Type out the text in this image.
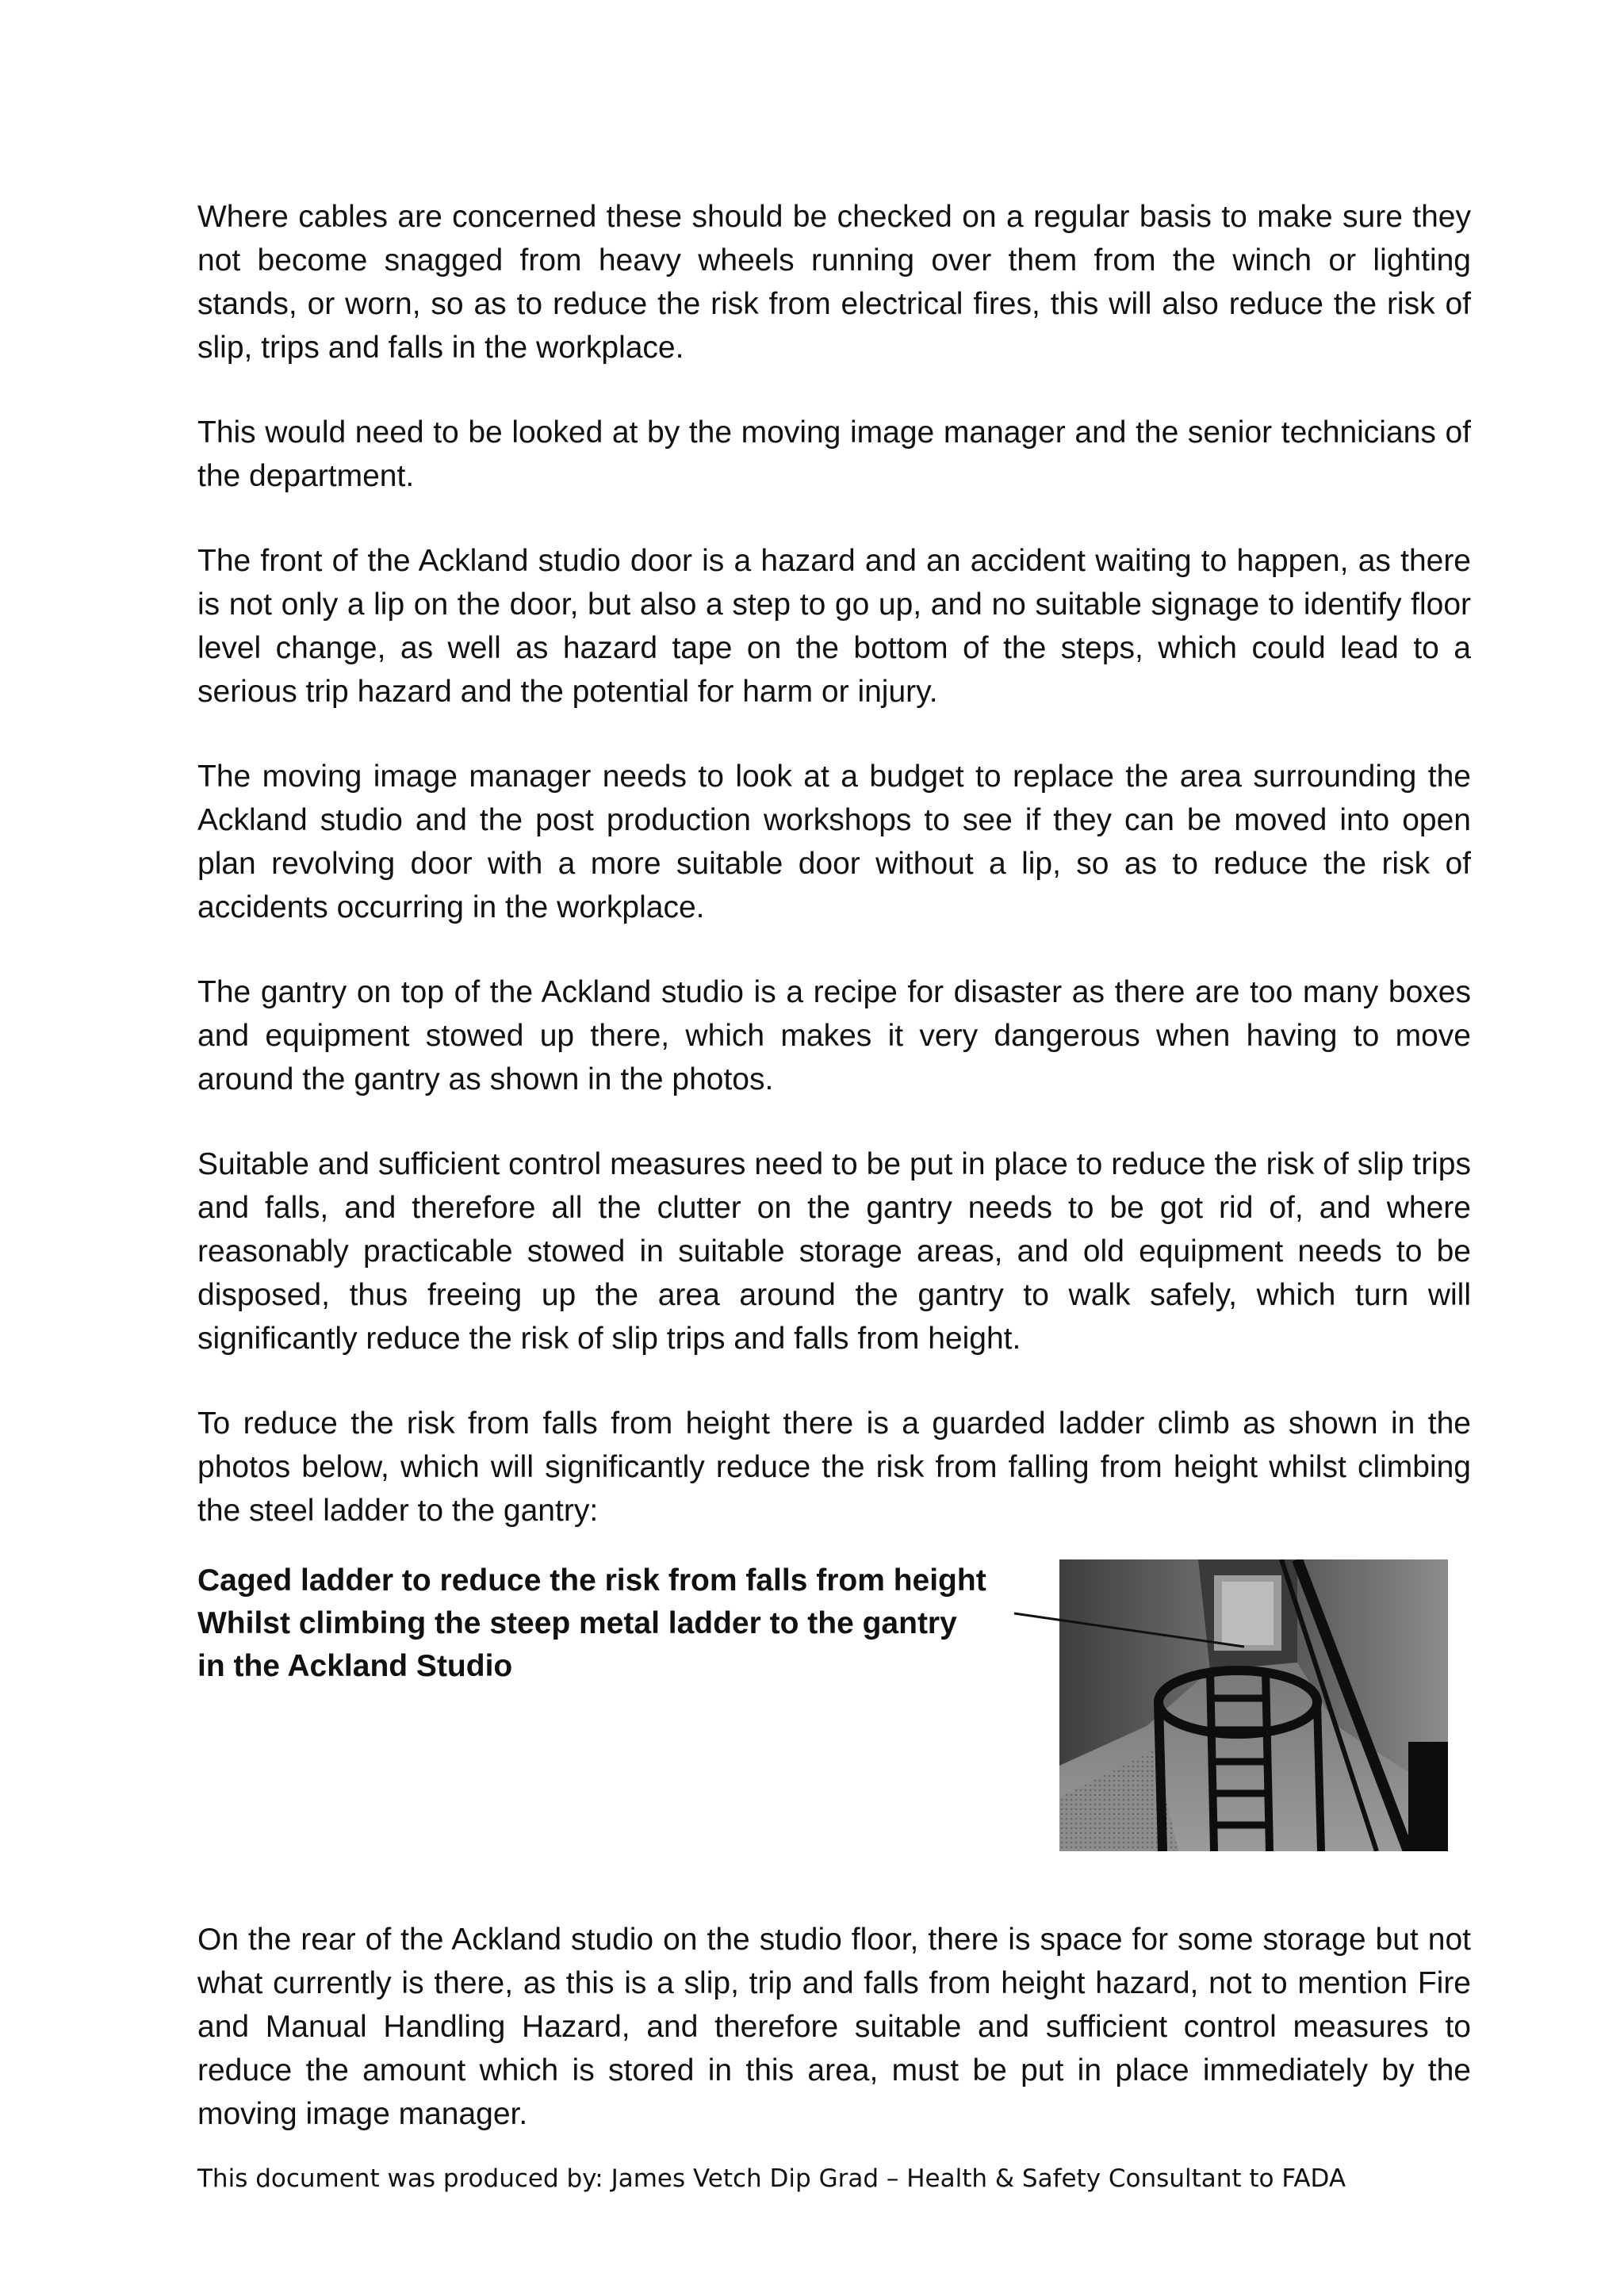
Where cables are concerned these should be checked on a regular basis to make sure they not become snagged from heavy wheels running over them from the winch or lighting stands, or worn, so as to reduce the risk from electrical fires, this will also reduce the risk of slip, trips and falls in the workplace.

This would need to be looked at by the moving image manager and the senior technicians of the department.

The front of the Ackland studio door is a hazard and an accident waiting to happen, as there is not only a lip on the door, but also a step to go up, and no suitable signage to identify floor level change, as well as hazard tape on the bottom of the steps, which could lead to a serious trip hazard and the potential for harm or injury.

The moving image manager needs to look at a budget to replace the area surrounding the Ackland studio and the post production workshops to see if they can be moved into open plan revolving door with a more suitable door without a lip, so as to reduce the risk of accidents occurring in the workplace.

The gantry on top of the Ackland studio is a recipe for disaster as there are too many boxes and equipment stowed up there, which makes it very dangerous when having to move around the gantry as shown in the photos.

Suitable and sufficient control measures need to be put in place to reduce the risk of slip trips and falls, and therefore all the clutter on the gantry needs to be got rid of, and where reasonably practicable stowed in suitable storage areas, and old equipment needs to be disposed, thus freeing up the area around the gantry to walk safely, which turn will significantly reduce the risk of slip trips and falls from height.

To reduce the risk from falls from height there is a guarded ladder climb as shown in the photos below, which will significantly reduce the risk from falling from height whilst climbing the steel ladder to the gantry:

Caged ladder to reduce the risk from falls from height
Whilst climbing the steep metal ladder to the gantry
in the Ackland Studio

On the rear of the Ackland studio on the studio floor, there is space for some storage but not what currently is there, as this is a slip, trip and falls from height hazard, not to mention Fire and Manual Handling Hazard, and therefore suitable and sufficient control measures to reduce the amount which is stored in this area, must be put in place immediately by the moving image manager.

This document was produced by: James Vetch Dip Grad – Health & Safety Consultant to FADA
